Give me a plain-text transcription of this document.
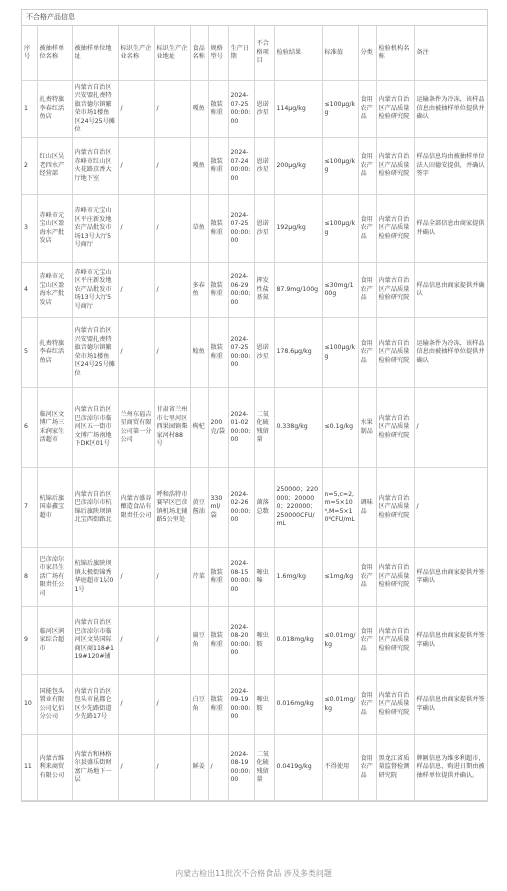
不合格产品信息
序号	被抽样单位名称	被抽样单位地址	标识生产企业名称	标识生产企业地址	食品名称	规格型号	生产日期	不合格项目	检验结果	标准值	分类	检验机构名称	备注
1	扎赉特旗李春红活鱼店	内蒙古自治区兴安盟扎赉特旗音德尔镇繁荣市场1楼鱼区24号25号摊位	/	/	嘎鱼	散装称重	2024-07-25 00:00:00	恩诺沙星	114μg/kg	≤100μg/kg	食用农产品	内蒙古自治区产品质量检验研究院	运输条件为冷冻，该样品信息由被抽样单位提供并确认
2	红山区吴老四水产经营部	内蒙古自治区赤峰市红山区火花路京香大厅地下室	/	/	嘎鱼	散装称重	2024-07-24 00:00:00	恩诺沙星	200μg/kg	≤100μg/kg	食用农产品	内蒙古自治区产品质量检验研究院	样品信息均由被抽样单位法人田德安提供，并确认签字
3	赤峰市元宝山区盈海水产批发店	赤峰市元宝山区平庄新发地农产品批发市场13号大厅5号商厅	/	/	草鱼	散装称重	2024-07-25 00:00:00	恩诺沙星	192μg/kg	≤100μg/kg	食用农产品	内蒙古自治区产品质量检验研究院	样品全部信息由商家提供并确认
4	赤峰市元宝山区盈海水产批发店	赤峰市元宝山区平庄新发地农产品批发市场13号大厅5号商厅	/	/	多春鱼	散装称重	2024-06-29 00:00:00	挥发性盐基氮	87.9mg/100g	≤30mg/100g	食用农产品	内蒙古自治区产品质量检验研究院	样品信息由商家提供并确认
5	扎赉特旗李春红活鱼店	内蒙古自治区兴安盟扎赉特旗音德尔镇繁荣市场1楼鱼区24号25号摊位	/	/	鲶鱼	散装称重	2024-07-25 00:00:00	恩诺沙星	178.6μg/kg	≤100μg/kg	食用农产品	内蒙古自治区产品质量检验研究院	运输条件为冷冻，该样品信息由被抽样单位提供并确认
6	临河区文博广场三禾润家生活超市	内蒙古自治区巴彦淖尔市临河区五一街市文博广场南地下DK区01号	兰州东福吉星商贸有限公司第一分公司	甘肃省兰州市七里河区西果园镇柴家河村88号	枸杞	200克/袋	2024-01-02 00:00:00	二氧化硫残留量	0.338g/kg	≤0.1g/kg	水果制品	内蒙古自治区产品质量检验研究院	/
7	杭锦后旗国泰鑫宝超市	内蒙古自治区巴彦淖尔市杭锦后旗陕坝镇北宝西街路北	内蒙古盛谷酿造食品有限责任公司	呼和浩特市赛罕区巴彦镇机场北辅路5公里处	黄豆酱油	330ml/袋	2024-02-26 00:00:00	菌落总数	250000；220000；200000；220000；250000CFU/mL	n=5,c=2,m=5×10⁴,M=5×10⁴CFU/mL	调味品	内蒙古自治区产品质量检验研究院	/
8	巴彦淖尔市家昌生活广场有限责任公司	杭锦后旗陕坝镇太极街锦秀华庭超市1层01号	/	/	芹菜	散装称重	2024-08-15 00:00:00	噻虫嗪	1.6mg/kg	≤1mg/kg	食用农产品	内蒙古自治区产品质量检验研究院	样品信息由商家提供并签字确认
9	临河区润家综合超市	内蒙古自治区巴彦淖尔市临河区文昊国际商区商118#119#120#铺	/	/	扁豆角	散装称重	2024-08-20 00:00:00	噻虫胺	0.018mg/kg	≤0.01mg/kg	食用农产品	内蒙古自治区产品质量检验研究院	样品信息由商家提供并签字确认
10	国能包头置业有限公司亿佰分公司	内蒙古自治区包头市昆都仑区少先路街道少先路17号	/	/	白豆角	散装称重	2024-09-19 00:00:00	噻虫胺	0.016mg/kg	≤0.01mg/kg	食用农产品	内蒙古自治区产品质量检验研究院	样品信息由商家提供并签字确认
11	内蒙古维利来商贸有限公司	内蒙古和林格尔县盛乐街财富广场地下一层	/	/	鲜姜	/	2024-08-19 00:00:00	二氧化硫残留量	0.0419g/kg	不得使用	食用农产品	黑龙江省质量监督检测研究院	牌匾信息为维多利超市，样品信息，购进日期由被抽样单位提供并确认。
内蒙古检出11批次不合格食品 涉及多类问题
